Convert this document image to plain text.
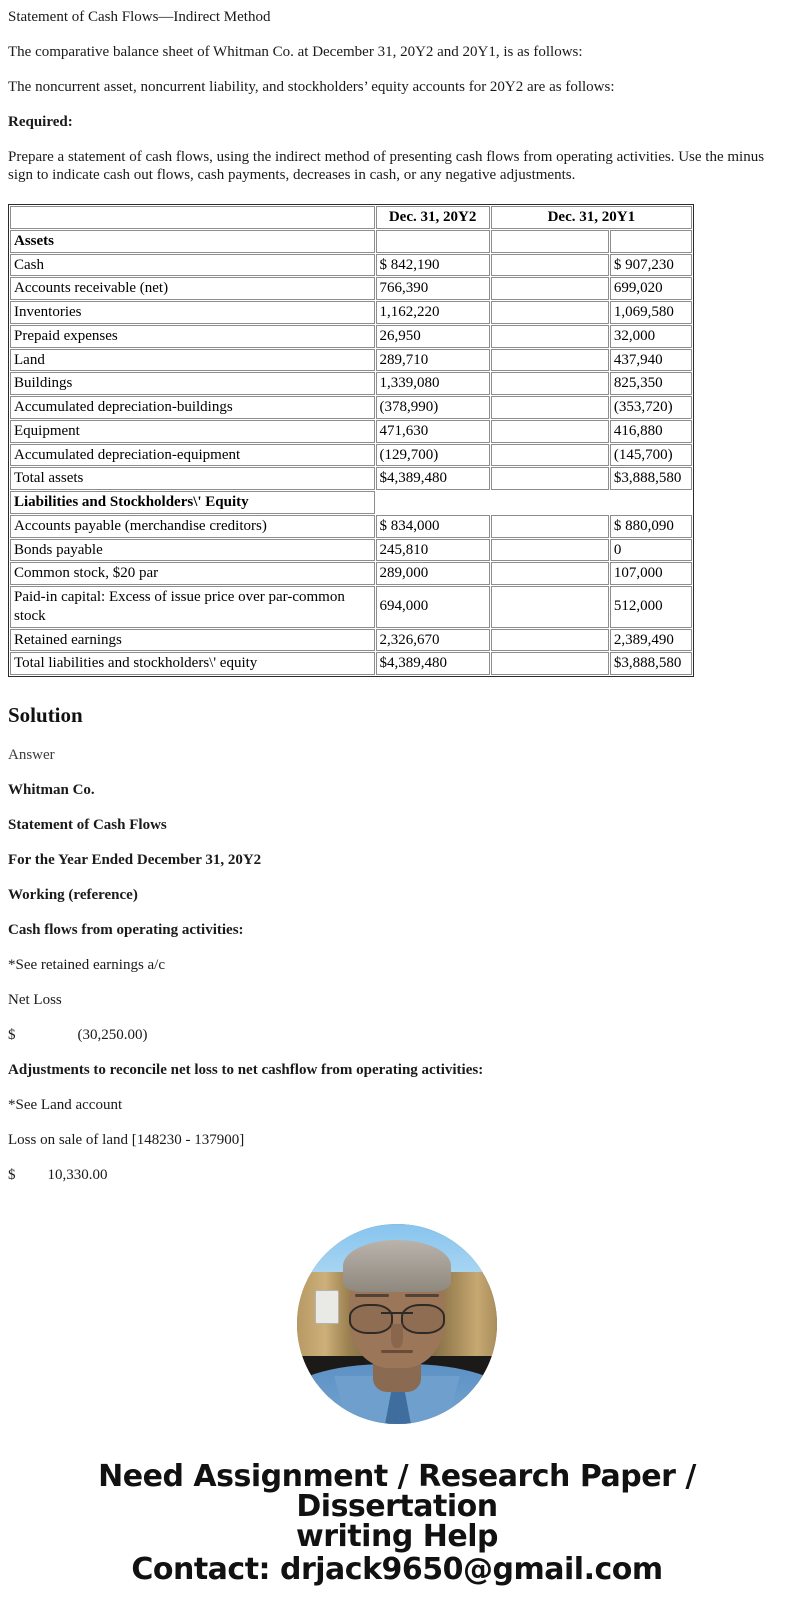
Statement of Cash Flows—Indirect Method

The comparative balance sheet of Whitman Co. at December 31, 20Y2 and 20Y1, is as follows:

The noncurrent asset, noncurrent liability, and stockholders’ equity accounts for 20Y2 are as follows:

Required:

Prepare a statement of cash flows, using the indirect method of presenting cash flows from operating activities. Use the minus sign to indicate cash out flows, cash payments, decreases in cash, or any negative adjustments.

	Dec. 31, 20Y2	Dec. 31, 20Y1	
Assets			
Cash	$ 842,190		$ 907,230
Accounts receivable (net)	766,390		699,020
Inventories	1,162,220		1,069,580
Prepaid expenses	26,950		32,000
Land	289,710		437,940
Buildings	1,339,080		825,350
Accumulated depreciation-buildings	(378,990)		(353,720)
Equipment	471,630		416,880
Accumulated depreciation-equipment	(129,700)		(145,700)
Total assets	$4,389,480		$3,888,580
Liabilities and Stockholders\' Equity			
Accounts payable (merchandise creditors)	$ 834,000		$ 880,090
Bonds payable	245,810		0
Common stock, $20 par	289,000		107,000
Paid-in capital: Excess of issue price over par-common stock	694,000		512,000
Retained earnings	2,326,670		2,389,490
Total liabilities and stockholders\' equity	$4,389,480		$3,888,580
Solution

Answer

Whitman Co.

Statement of Cash Flows

For the Year Ended December 31, 20Y2

Working (reference)

Cash flows from operating activities:

*See retained earnings a/c

Net Loss

$	(30,250.00)

Adjustments to reconcile net loss to net cashflow from operating activities:

*See Land account

Loss on sale of land [148230 - 137900]

$ 10,330.00

Need Assignment / Research Paper / Dissertation
writing Help
Contact: drjack9650@gmail.com
